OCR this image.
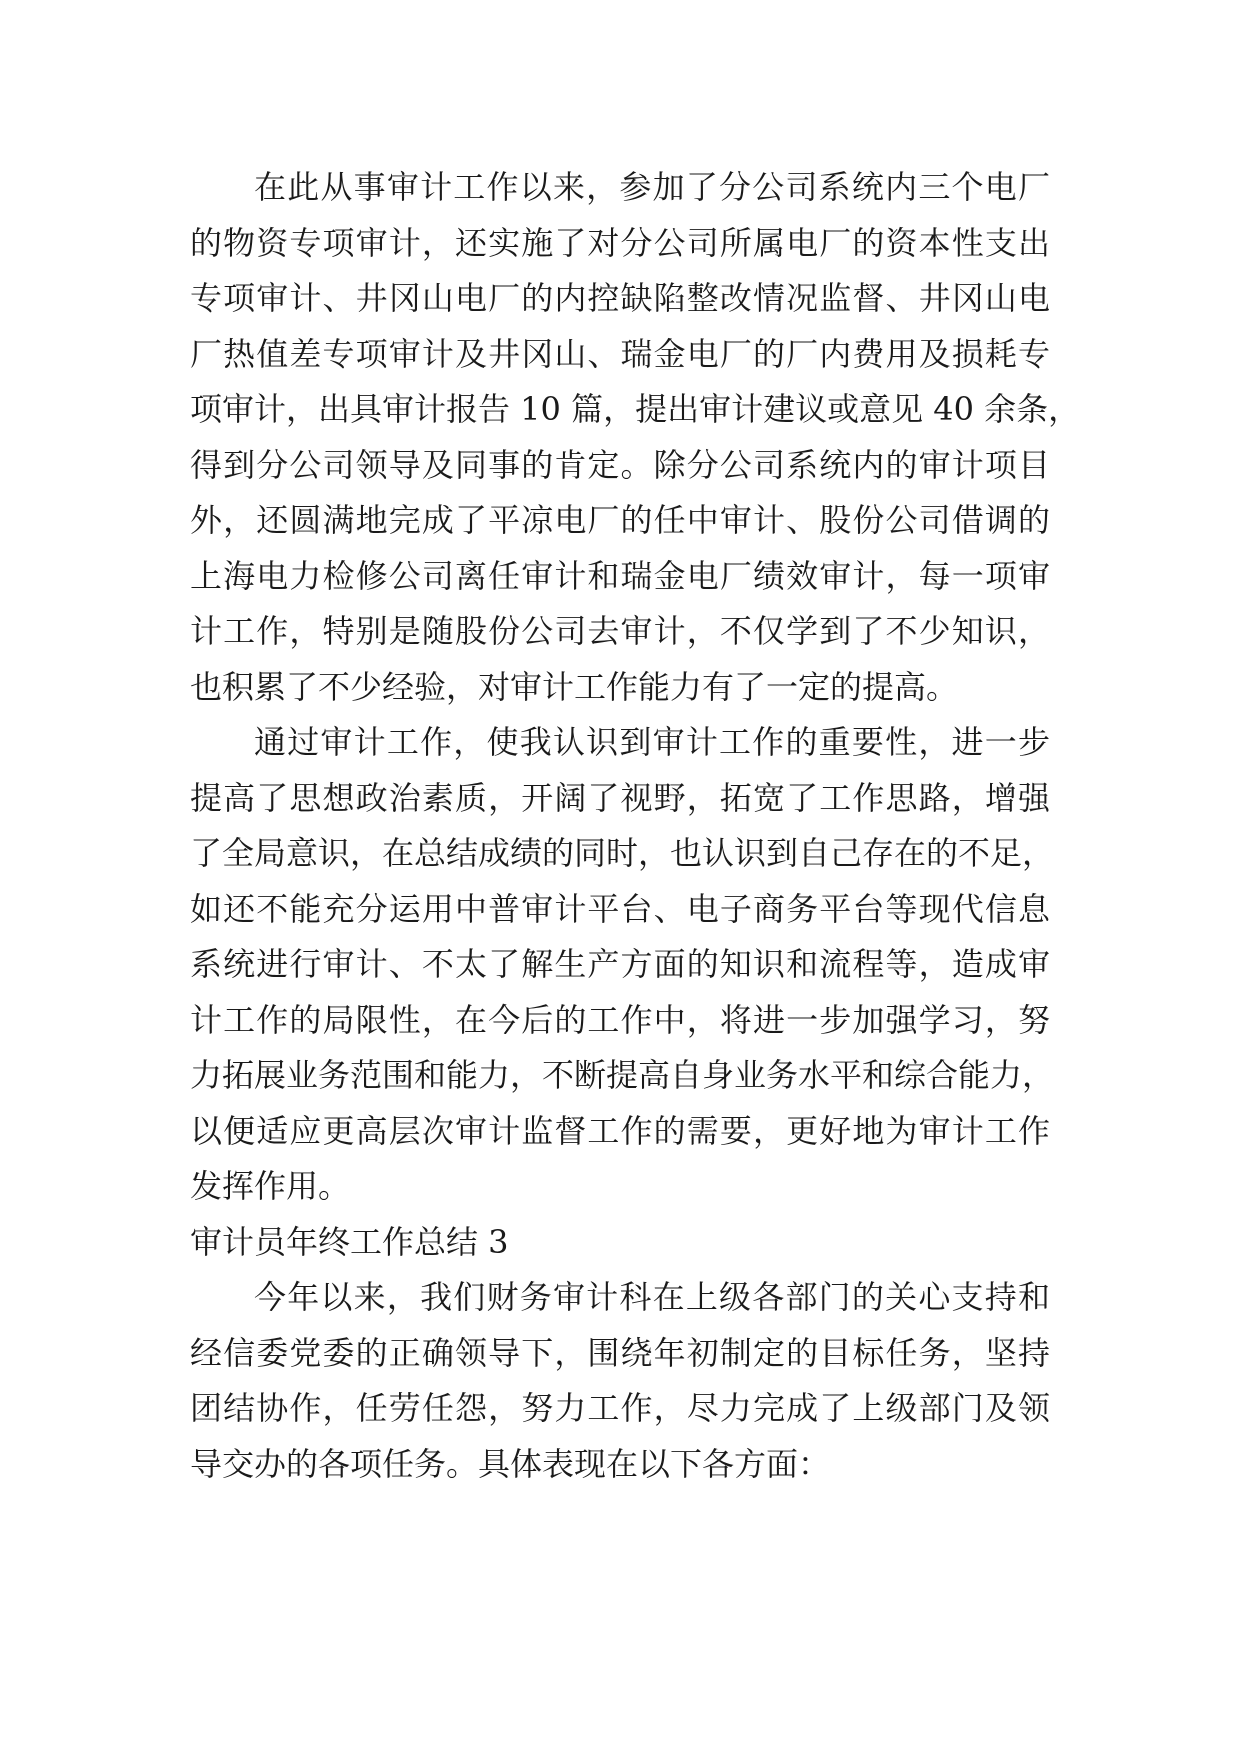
在此从事审计工作以来，参加了分公司系统内三个电厂
的物资专项审计，还实施了对分公司所属电厂的资本性支出
专项审计、井冈山电厂的内控缺陷整改情况监督、井冈山电
厂热值差专项审计及井冈山、瑞金电厂的厂内费用及损耗专
项审计，出具审计报告 10 篇，提出审计建议或意见 40 余条，
得到分公司领导及同事的肯定。除分公司系统内的审计项目
外，还圆满地完成了平凉电厂的任中审计、股份公司借调的
上海电力检修公司离任审计和瑞金电厂绩效审计，每一项审
计工作，特别是随股份公司去审计，不仅学到了不少知识，
也积累了不少经验，对审计工作能力有了一定的提高。
通过审计工作，使我认识到审计工作的重要性，进一步
提高了思想政治素质，开阔了视野，拓宽了工作思路，增强
了全局意识，在总结成绩的同时，也认识到自己存在的不足，
如还不能充分运用中普审计平台、电子商务平台等现代信息
系统进行审计、不太了解生产方面的知识和流程等，造成审
计工作的局限性，在今后的工作中，将进一步加强学习，努
力拓展业务范围和能力，不断提高自身业务水平和综合能力，
以便适应更高层次审计监督工作的需要，更好地为审计工作
发挥作用。
审计员年终工作总结 3
今年以来，我们财务审计科在上级各部门的关心支持和
经信委党委的正确领导下，围绕年初制定的目标任务，坚持
团结协作，任劳任怨，努力工作，尽力完成了上级部门及领
导交办的各项任务。具体表现在以下各方面：
